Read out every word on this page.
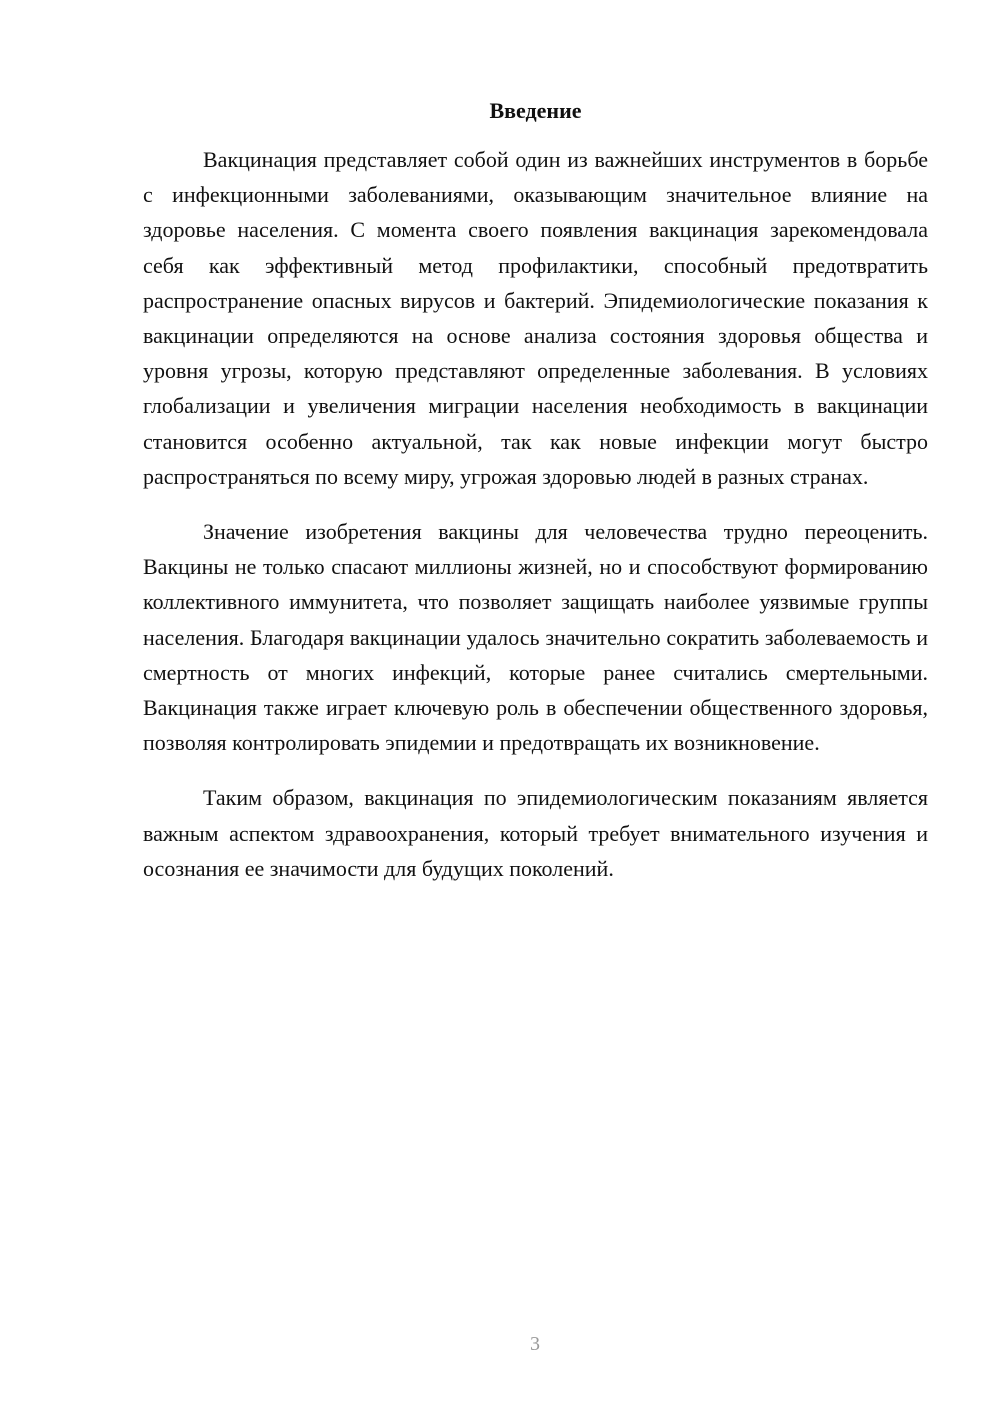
Введение

Вакцинация представляет собой один из важнейших инструментов в борьбе с инфекционными заболеваниями, оказывающим значительное влияние на здоровье населения. С момента своего появления вакцинация зарекомендовала себя как эффективный метод профилактики, способный предотвратить распространение опасных вирусов и бактерий. Эпидемиологические показания к вакцинации определяются на основе анализа состояния здоровья общества и уровня угрозы, которую представляют определенные заболевания. В условиях глобализации и увеличения миграции населения необходимость в вакцинации становится особенно актуальной, так как новые инфекции могут быстро распространяться по всему миру, угрожая здоровью людей в разных странах.

Значение изобретения вакцины для человечества трудно переоценить. Вакцины не только спасают миллионы жизней, но и способствуют формированию коллективного иммунитета, что позволяет защищать наиболее уязвимые группы населения. Благодаря вакцинации удалось значительно сократить заболеваемость и смертность от многих инфекций, которые ранее считались смертельными. Вакцинация также играет ключевую роль в обеспечении общественного здоровья, позволяя контролировать эпидемии и предотвращать их возникновение.

Таким образом, вакцинация по эпидемиологическим показаниям является важным аспектом здравоохранения, который требует внимательного изучения и осознания ее значимости для будущих поколений.

3
